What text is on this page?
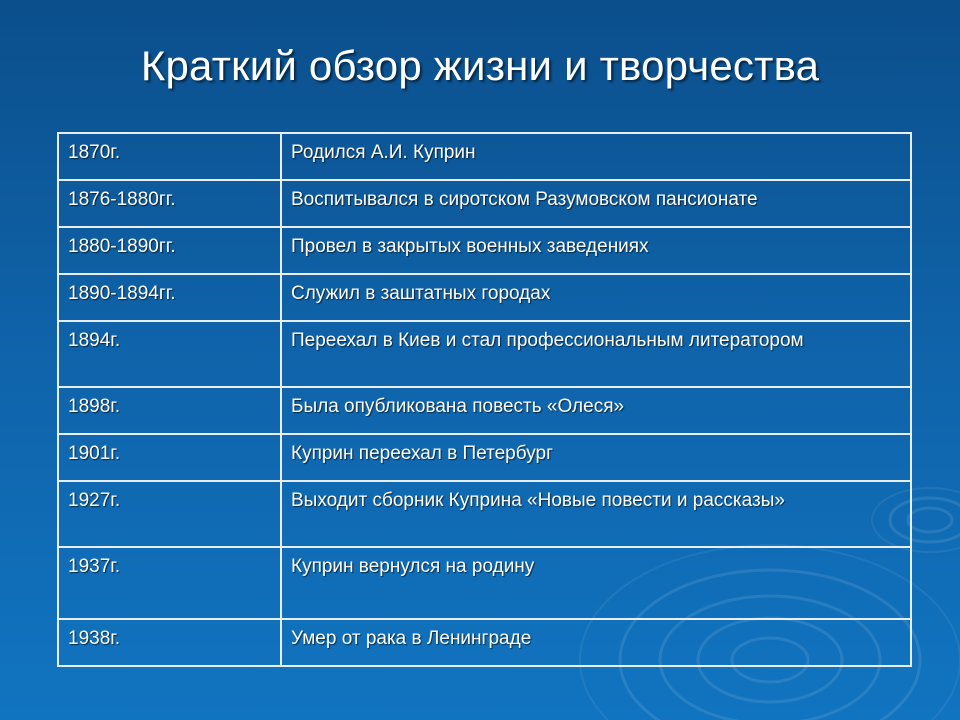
Краткий обзор жизни и творчества
1870г.	Родился А.И. Куприн
1876-1880гг.	Воспитывался в сиротском Разумовском пансионате
1880-1890гг.	Провел в закрытых военных заведениях
1890-1894гг.	Служил в заштатных городах
1894г.	Переехал в Киев и стал профессиональным литератором
1898г.	Была опубликована повесть «Олеся»
1901г.	Куприн переехал в Петербург
1927г.	Выходит сборник Куприна «Новые повести и рассказы»
1937г.	Куприн вернулся на родину
1938г.	Умер от рака в Ленинграде
